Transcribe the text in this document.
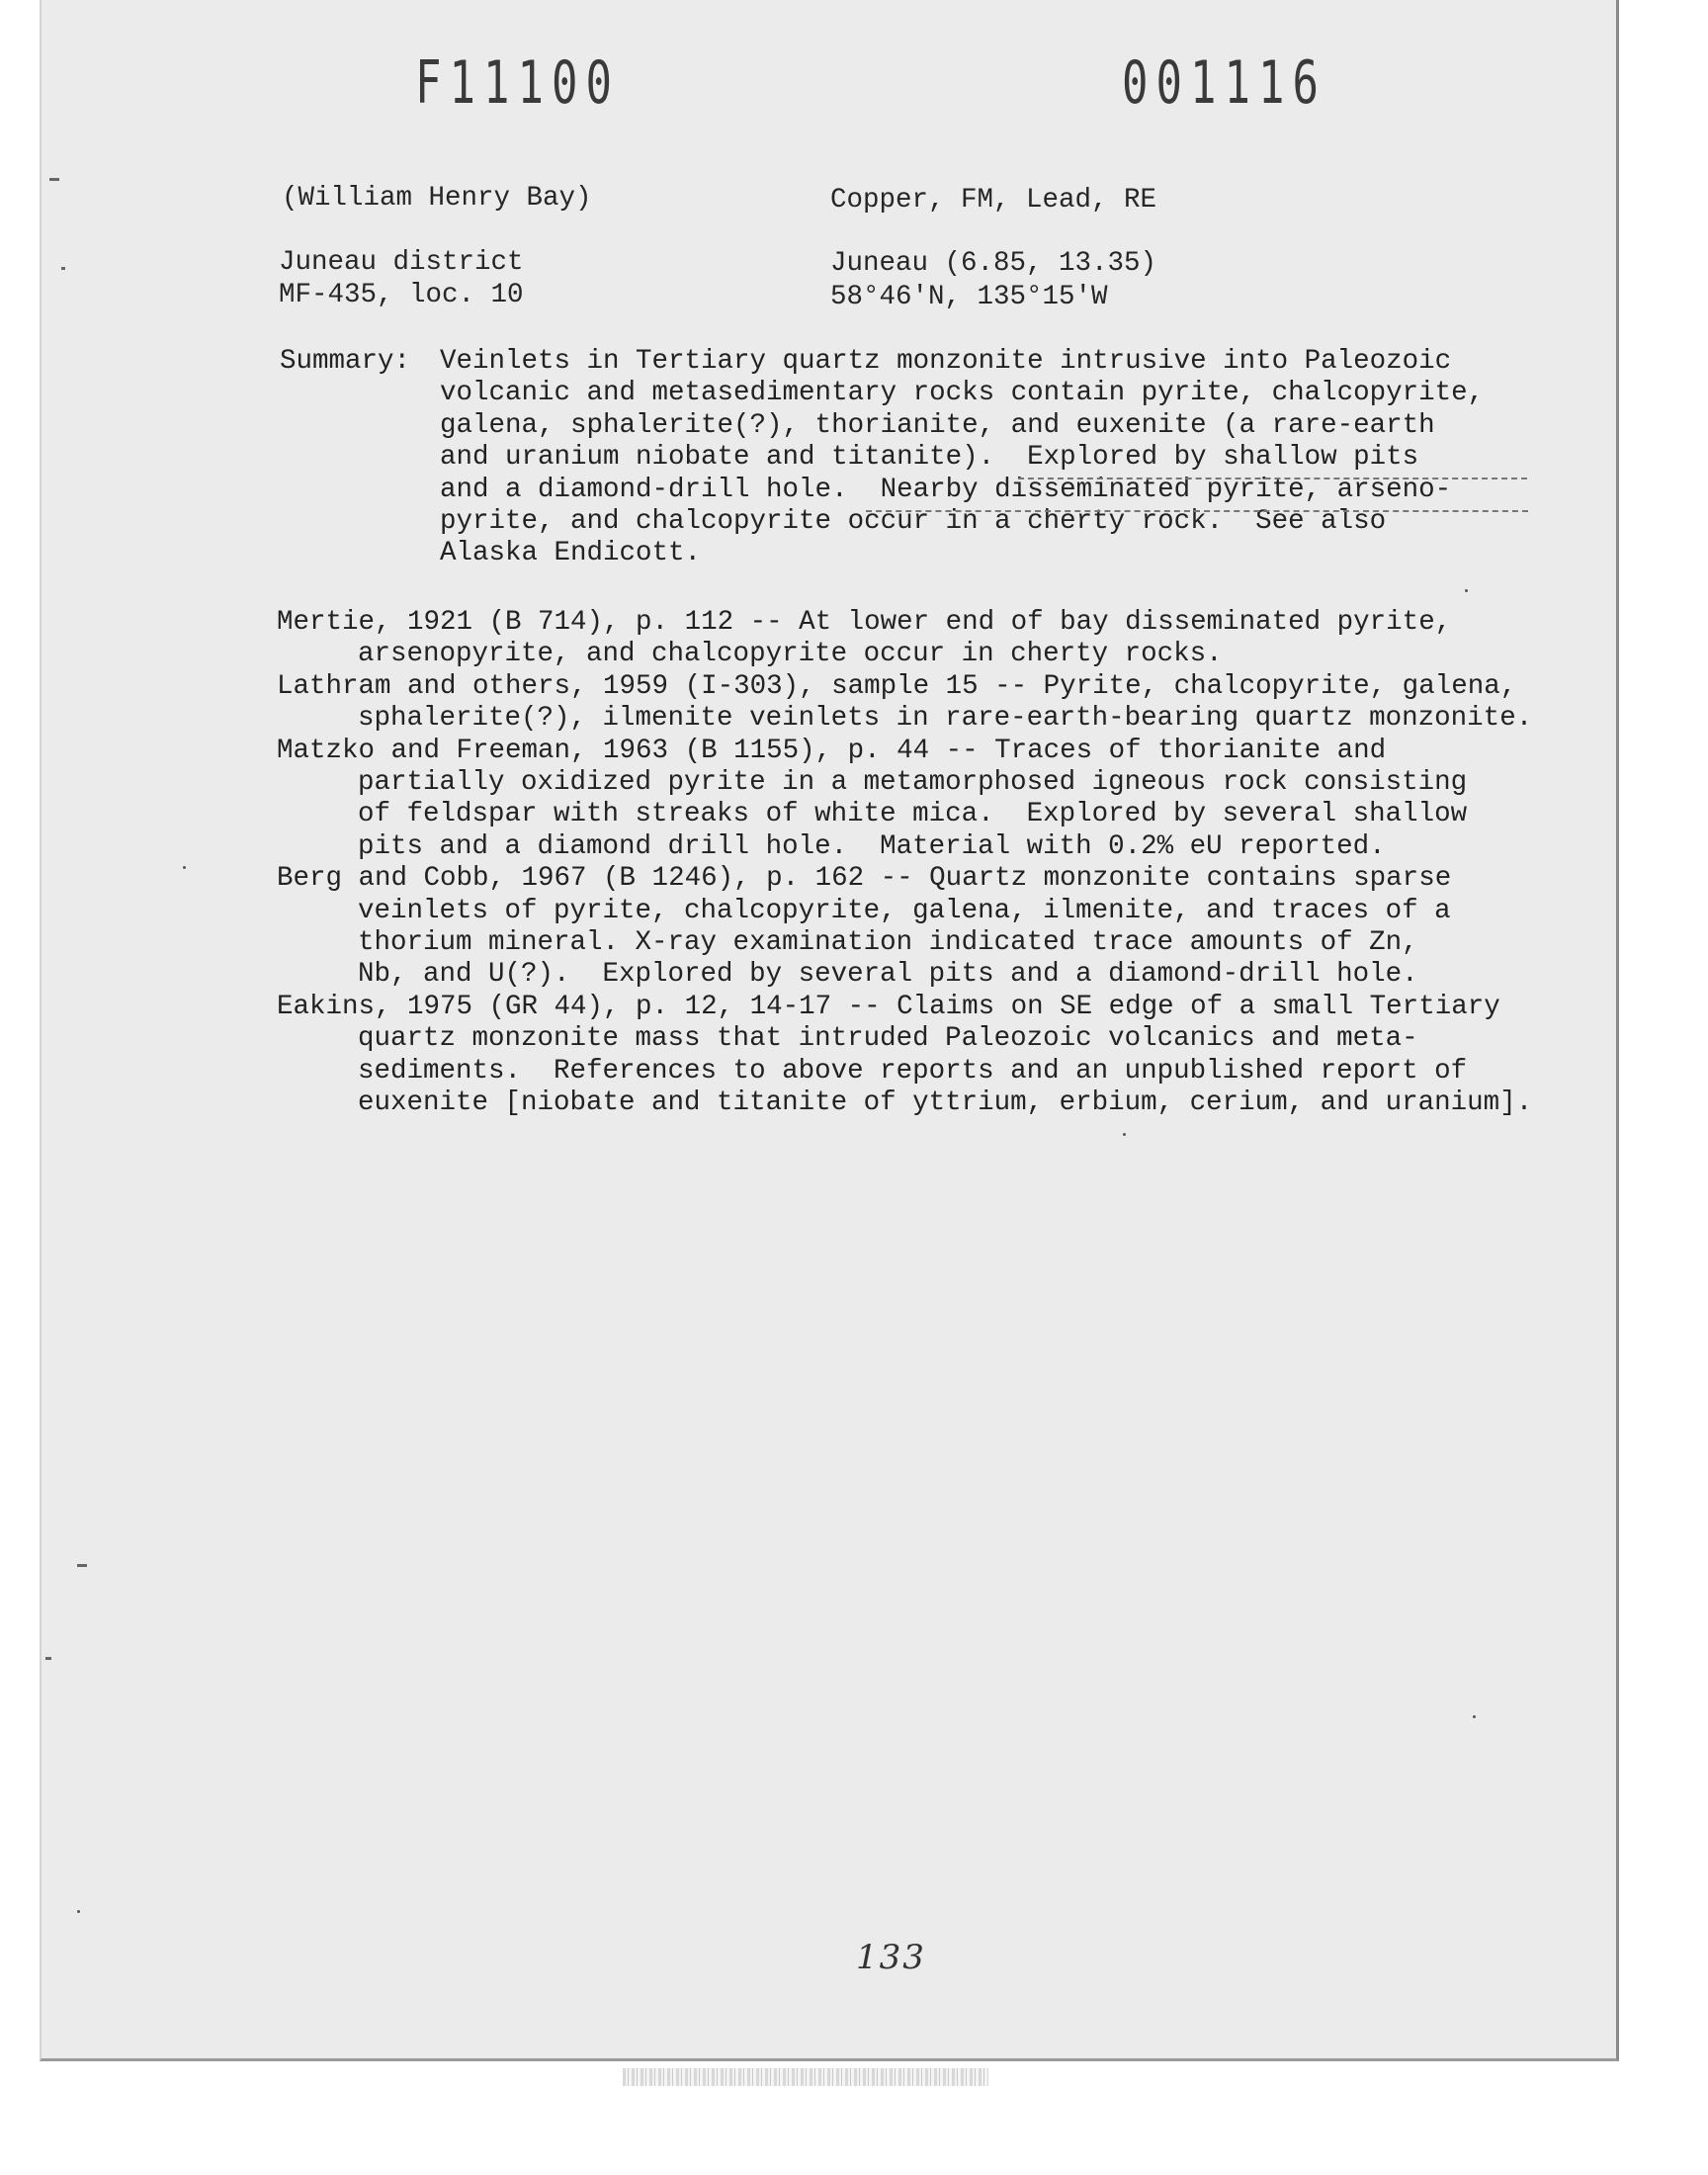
F11100	001116
(William Henry Bay)	Copper, FM, Lead, RE
Juneau district	Juneau (6.85, 13.35)
MF-435, loc. 10	58°46'N, 135°15'W
Summary: Veinlets in Tertiary quartz monzonite intrusive into Paleozoic
volcanic and metasedimentary rocks contain pyrite, chalcopyrite,
galena, sphalerite(?), thorianite, and euxenite (a rare-earth
and uranium niobate and titanite).  Explored by shallow pits
and a diamond-drill hole.  Nearby disseminated pyrite, arseno-
pyrite, and chalcopyrite occur in a cherty rock.  See also
Alaska Endicott.
Mertie, 1921 (B 714), p. 112 -- At lower end of bay disseminated pyrite,
arsenopyrite, and chalcopyrite occur in cherty rocks.
Lathram and others, 1959 (I-303), sample 15 -- Pyrite, chalcopyrite, galena,
sphalerite(?), ilmenite veinlets in rare-earth-bearing quartz monzonite.
Matzko and Freeman, 1963 (B 1155), p. 44 -- Traces of thorianite and
partially oxidized pyrite in a metamorphosed igneous rock consisting
of feldspar with streaks of white mica.  Explored by several shallow
pits and a diamond drill hole.  Material with 0.2% eU reported.
Berg and Cobb, 1967 (B 1246), p. 162 -- Quartz monzonite contains sparse
veinlets of pyrite, chalcopyrite, galena, ilmenite, and traces of a
thorium mineral. X-ray examination indicated trace amounts of Zn,
Nb, and U(?).  Explored by several pits and a diamond-drill hole.
Eakins, 1975 (GR 44), p. 12, 14-17 -- Claims on SE edge of a small Tertiary
quartz monzonite mass that intruded Paleozoic volcanics and meta-
sediments.  References to above reports and an unpublished report of
euxenite [niobate and titanite of yttrium, erbium, cerium, and uranium].
133
